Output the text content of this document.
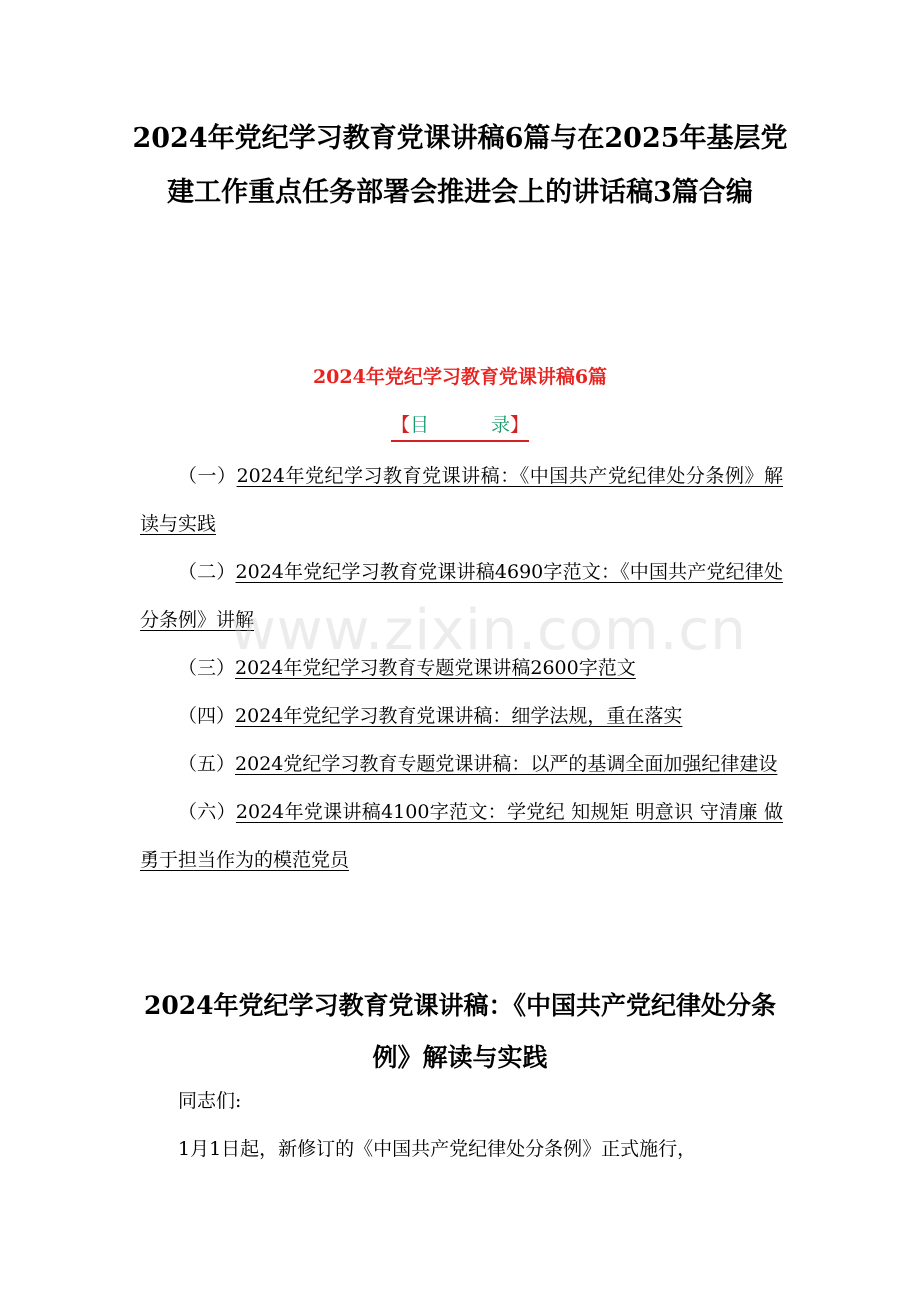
2024年党纪学习教育党课讲稿6篇与在2025年基层党建工作重点任务部署会推进会上的讲话稿3篇合编
2024年党纪学习教育党课讲稿6篇
【目	录】
（一）2024年党纪学习教育党课讲稿：《中国共产党纪律处分条例》解读与实践
（二）2024年党纪学习教育党课讲稿4690字范文：《中国共产党纪律处分条例》讲解
（三）2024年党纪学习教育专题党课讲稿2600字范文
（四）2024年党纪学习教育党课讲稿：细学法规，重在落实
（五）2024党纪学习教育专题党课讲稿：以严的基调全面加强纪律建设
（六）2024年党课讲稿4100字范文：学党纪 知规矩 明意识 守清廉 做勇于担当作为的模范党员
www.zixin.com.cn
2024年党纪学习教育党课讲稿：《中国共产党纪律处分条例》解读与实践

同志们:

1月1日起，新修订的《中国共产党纪律处分条例》正式施行，
